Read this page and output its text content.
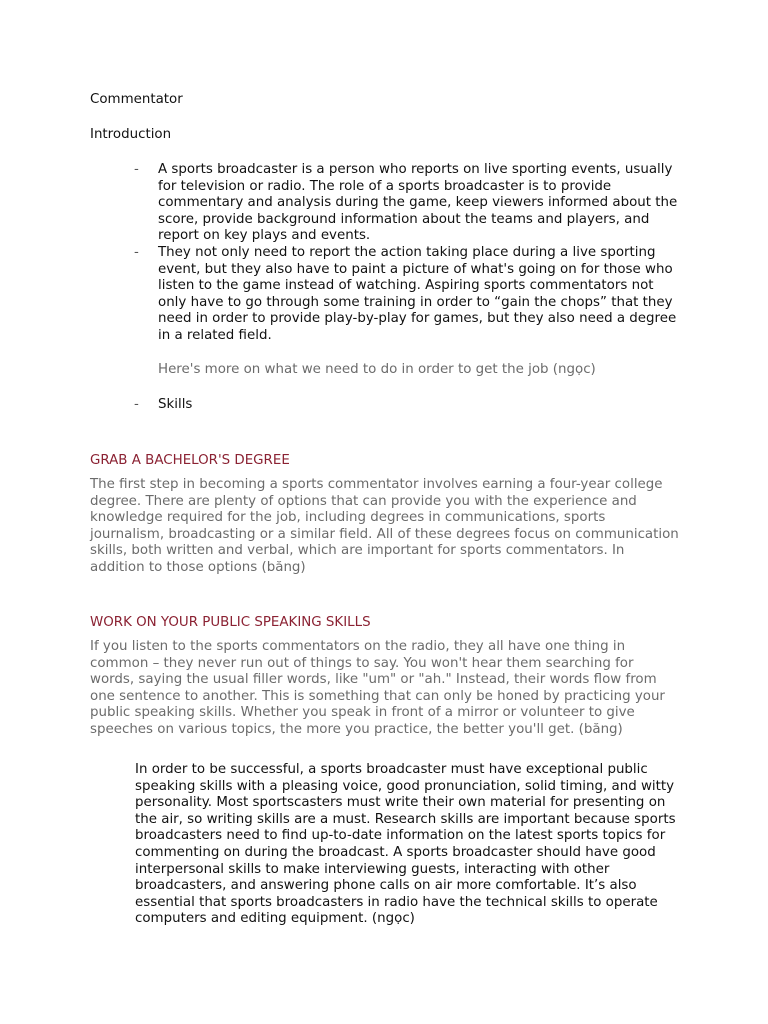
Commentator

Introduction

- A sports broadcaster is a person who reports on live sporting events, usually for television or radio. The role of a sports broadcaster is to provide commentary and analysis during the game, keep viewers informed about the score, provide background information about the teams and players, and report on key plays and events.
- They not only need to report the action taking place during a live sporting event, but they also have to paint a picture of what's going on for those who listen to the game instead of watching. Aspiring sports commentators not only have to go through some training in order to “gain the chops” that they need in order to provide play-by-play for games, but they also need a degree in a related field.

Here's more on what we need to do in order to get the job (ngọc)

- Skills

GRAB A BACHELOR'S DEGREE

The first step in becoming a sports commentator involves earning a four-year college degree. There are plenty of options that can provide you with the experience and knowledge required for the job, including degrees in communications, sports journalism, broadcasting or a similar field. All of these degrees focus on communication skills, both written and verbal, which are important for sports commentators. In addition to those options (băng)

WORK ON YOUR PUBLIC SPEAKING SKILLS

If you listen to the sports commentators on the radio, they all have one thing in common – they never run out of things to say. You won't hear them searching for words, saying the usual filler words, like "um" or "ah." Instead, their words flow from one sentence to another. This is something that can only be honed by practicing your public speaking skills. Whether you speak in front of a mirror or volunteer to give speeches on various topics, the more you practice, the better you'll get. (băng)

In order to be successful, a sports broadcaster must have exceptional public speaking skills with a pleasing voice, good pronunciation, solid timing, and witty personality. Most sportscasters must write their own material for presenting on the air, so writing skills are a must. Research skills are important because sports broadcasters need to find up-to-date information on the latest sports topics for commenting on during the broadcast. A sports broadcaster should have good interpersonal skills to make interviewing guests, interacting with other broadcasters, and answering phone calls on air more comfortable. It’s also essential that sports broadcasters in radio have the technical skills to operate computers and editing equipment. (ngọc)
